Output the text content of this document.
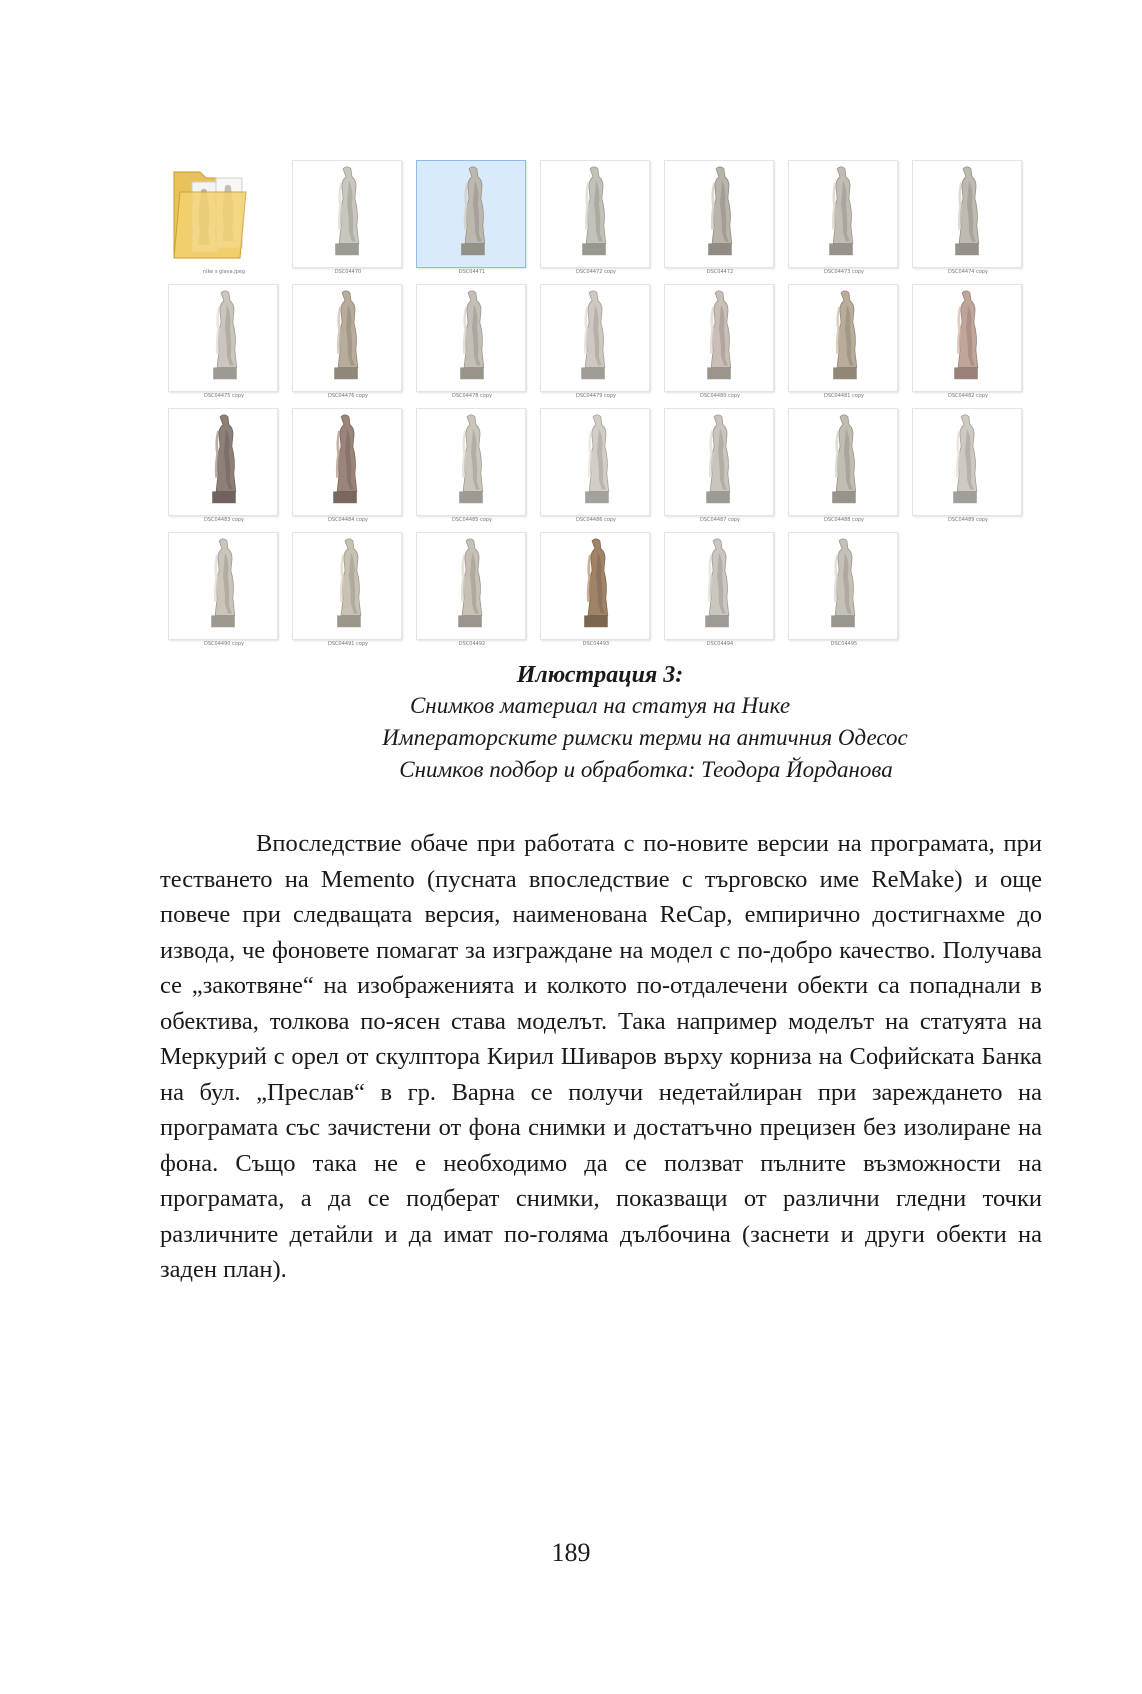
nike s glava.jpeg	DSC04470	DSC04471	DSC04472 copy	DSC04472	DSC04473 copy	DSC04474 copy
DSC04475 copy	DSC04476 copy	DSC04478 copy	DSC04479 copy	DSC04480 copy	DSC04481 copy	DSC04482 copy
DSC04483 copy	DSC04484 copy	DSC04485 copy	DSC04486 copy	DSC04487 copy	DSC04488 copy	DSC04489 copy
DSC04490 copy	DSC04491 copy	DSC04492	DSC04493	DSC04494	DSC04495
Илюстрация 3:
Снимков материал на статуя на Нике
Императорските римски терми на античния Одесос
Снимков подбор и обработка: Теодора Йорданова

Впоследствие обаче при работата с по-новите версии на програмата, при тестването на Memento (пусната впоследствие с търговско име ReMake) и още повече при следващата версия, наименована ReCap, емпирично достигнахме до извода, че фоновете помагат за изграждане на модел с по-добро качество. Получава се „закотвяне“ на изображенията и колкото по-отдалечени обекти са попаднали в обектива, толкова по-ясен става моделът. Така например моделът на статуята на Меркурий с орел от скулптора Кирил Шиваров върху корниза на Софийската Банка на бул. „Преслав“ в гр. Варна се получи недетайлиран при зареждането на програмата със зачистени от фона снимки и достатъчно прецизен без изолиране на фона. Също така не е необходимо да се ползват пълните възможности на програмата, а да се подберат снимки, показващи от различни гледни точки различните детайли и да имат по-голяма дълбочина (заснети и други обекти на заден план).

189
